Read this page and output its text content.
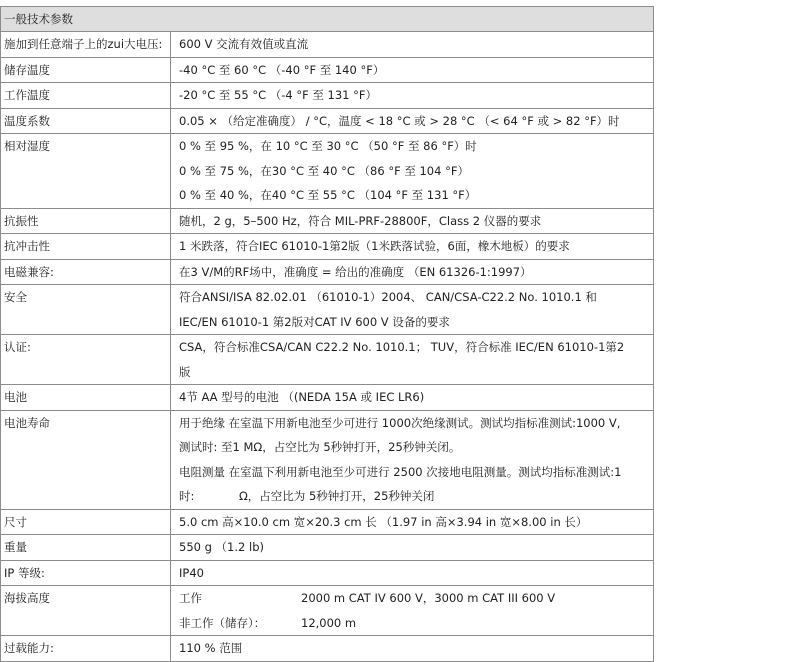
一般技术参数	
施加到任意端子上的zui大电压:	600 V 交流有效值或直流

储存温度	-40 °C 至 60 °C （-40 °F 至 140 °F）

工作温度	-20 °C 至 55 °C （-4 °F 至 131 °F）

温度系数	0.05 × （给定准确度） / °C，温度 < 18 °C 或 > 28 °C （< 64 °F 或 > 82 °F）时

相对湿度	0 % 至 95 %，在 10 °C 至 30 °C （50 °F 至 86 °F）时
0 % 至 75 %，在30 °C 至 40 °C （86 °F 至 104 °F）
0 % 至 40 %，在40 °C 至 55 °C （104 °F 至 131 °F）

抗振性	随机，2 g，5–500 Hz，符合 MIL-PRF-28800F，Class 2 仪器的要求

抗冲击性	1 米跌落，符合IEC 61010-1第2版（1米跌落试验，6面，橡木地板）的要求

电磁兼容:	在3 V/M的RF场中，准确度 = 给出的准确度 （EN 61326-1:1997）

安全	符合ANSI/ISA 82.02.01 （61010-1）2004、 CAN/CSA-C22.2 No. 1010.1 和
IEC/EN 61010-1 第2版对CAT IV 600 V 设备的要求

认证:	CSA，符合标准CSA/CAN C22.2 No. 1010.1； TUV，符合标准 IEC/EN 61010-1第2
版

电池	4节 AA 型号的电池 （(NEDA 15A 或 IEC LR6)

电池寿命	用于绝缘 在室温下用新电池至少可进行 1000次绝缘测试。测试均指标准测试:1000 V,
测试时: 至1 MΩ，占空比为 5秒钟打开，25秒钟关闭。
电阻测量 在室温下利用新电池至少可进行 2500 次接地电阻测量。测试均指标准测试:1
时: Ω，占空比为 5秒钟打开，25秒钟关闭

尺寸	5.0 cm 高×10.0 cm 宽×20.3 cm 长 （1.97 in 高×3.94 in 宽×8.00 in 长）

重量	550 g （1.2 lb)

IP 等级:	IP40

海拔高度	工作 2000 m CAT IV 600 V，3000 m CAT III 600 V
非工作（储存）： 12,000 m

过载能力:	110 % 范围
